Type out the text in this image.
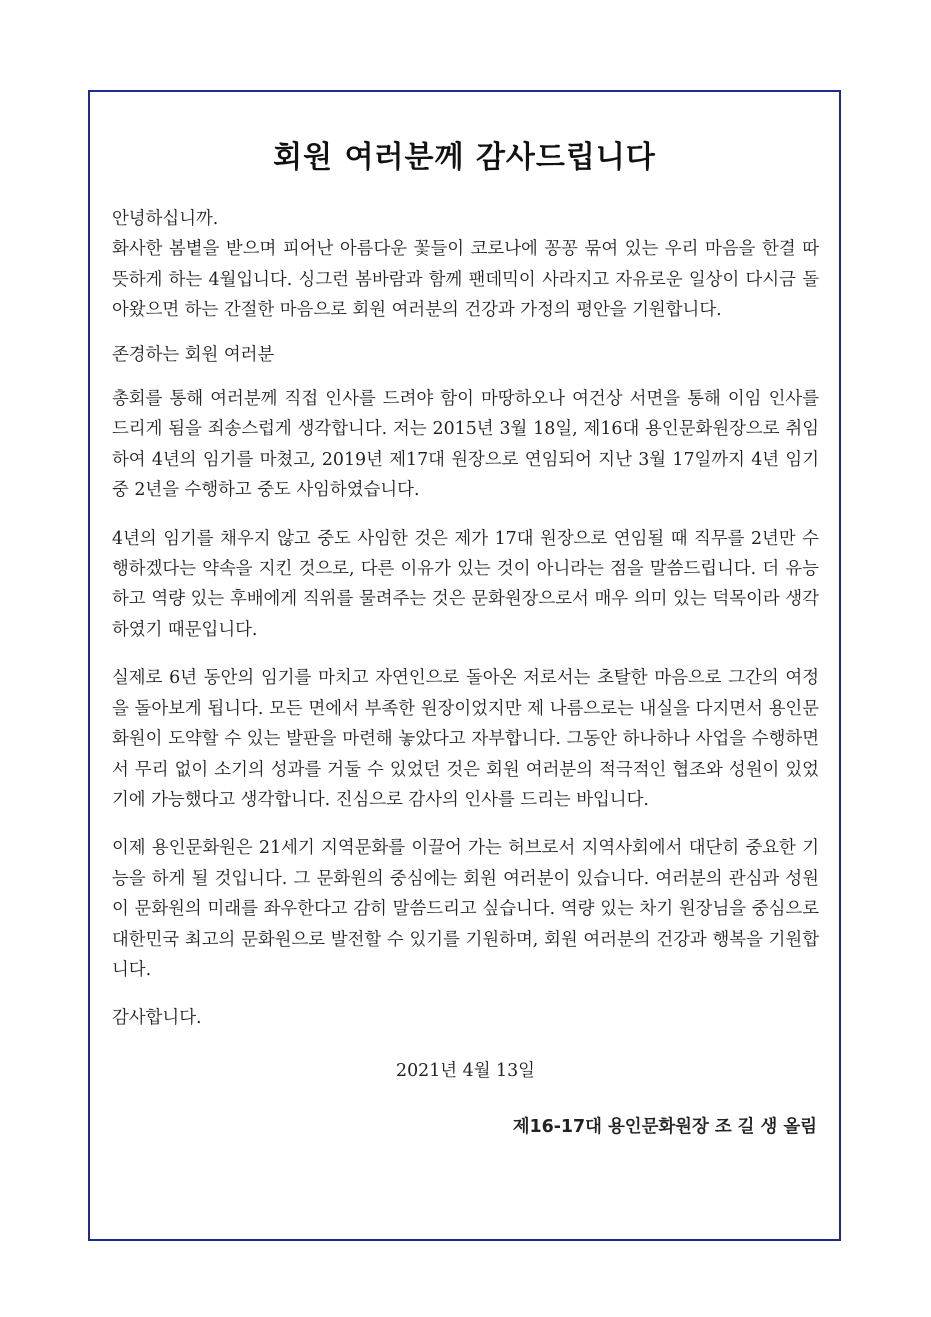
회원 여러분께 감사드립니다

안녕하십니까.

화사한 봄볕을 받으며 피어난 아름다운 꽃들이 코로나에 꽁꽁 묶여 있는 우리 마음을 한결 따뜻하게 하는 4월입니다. 싱그런 봄바람과 함께 팬데믹이 사라지고 자유로운 일상이 다시금 돌아왔으면 하는 간절한 마음으로 회원 여러분의 건강과 가정의 평안을 기원합니다.

존경하는 회원 여러분

총회를 통해 여러분께 직접 인사를 드려야 함이 마땅하오나 여건상 서면을 통해 이임 인사를 드리게 됨을 죄송스럽게 생각합니다. 저는 2015년 3월 18일, 제16대 용인문화원장으로 취임하여 4년의 임기를 마쳤고, 2019년 제17대 원장으로 연임되어 지난 3월 17일까지 4년 임기 중 2년을 수행하고 중도 사임하였습니다.

4년의 임기를 채우지 않고 중도 사임한 것은 제가 17대 원장으로 연임될 때 직무를 2년만 수행하겠다는 약속을 지킨 것으로, 다른 이유가 있는 것이 아니라는 점을 말씀드립니다. 더 유능하고 역량 있는 후배에게 직위를 물려주는 것은 문화원장으로서 매우 의미 있는 덕목이라 생각하였기 때문입니다.

실제로 6년 동안의 임기를 마치고 자연인으로 돌아온 저로서는 초탈한 마음으로 그간의 여정을 돌아보게 됩니다. 모든 면에서 부족한 원장이었지만 제 나름으로는 내실을 다지면서 용인문화원이 도약할 수 있는 발판을 마련해 놓았다고 자부합니다. 그동안 하나하나 사업을 수행하면서 무리 없이 소기의 성과를 거둘 수 있었던 것은 회원 여러분의 적극적인 협조와 성원이 있었기에 가능했다고 생각합니다. 진심으로 감사의 인사를 드리는 바입니다.

이제 용인문화원은 21세기 지역문화를 이끌어 가는 허브로서 지역사회에서 대단히 중요한 기능을 하게 될 것입니다. 그 문화원의 중심에는 회원 여러분이 있습니다. 여러분의 관심과 성원이 문화원의 미래를 좌우한다고 감히 말씀드리고 싶습니다. 역량 있는 차기 원장님을 중심으로 대한민국 최고의 문화원으로 발전할 수 있기를 기원하며, 회원 여러분의 건강과 행복을 기원합니다.

감사합니다.

2021년 4월 13일

제16-17대 용인문화원장 조 길 생 올림
